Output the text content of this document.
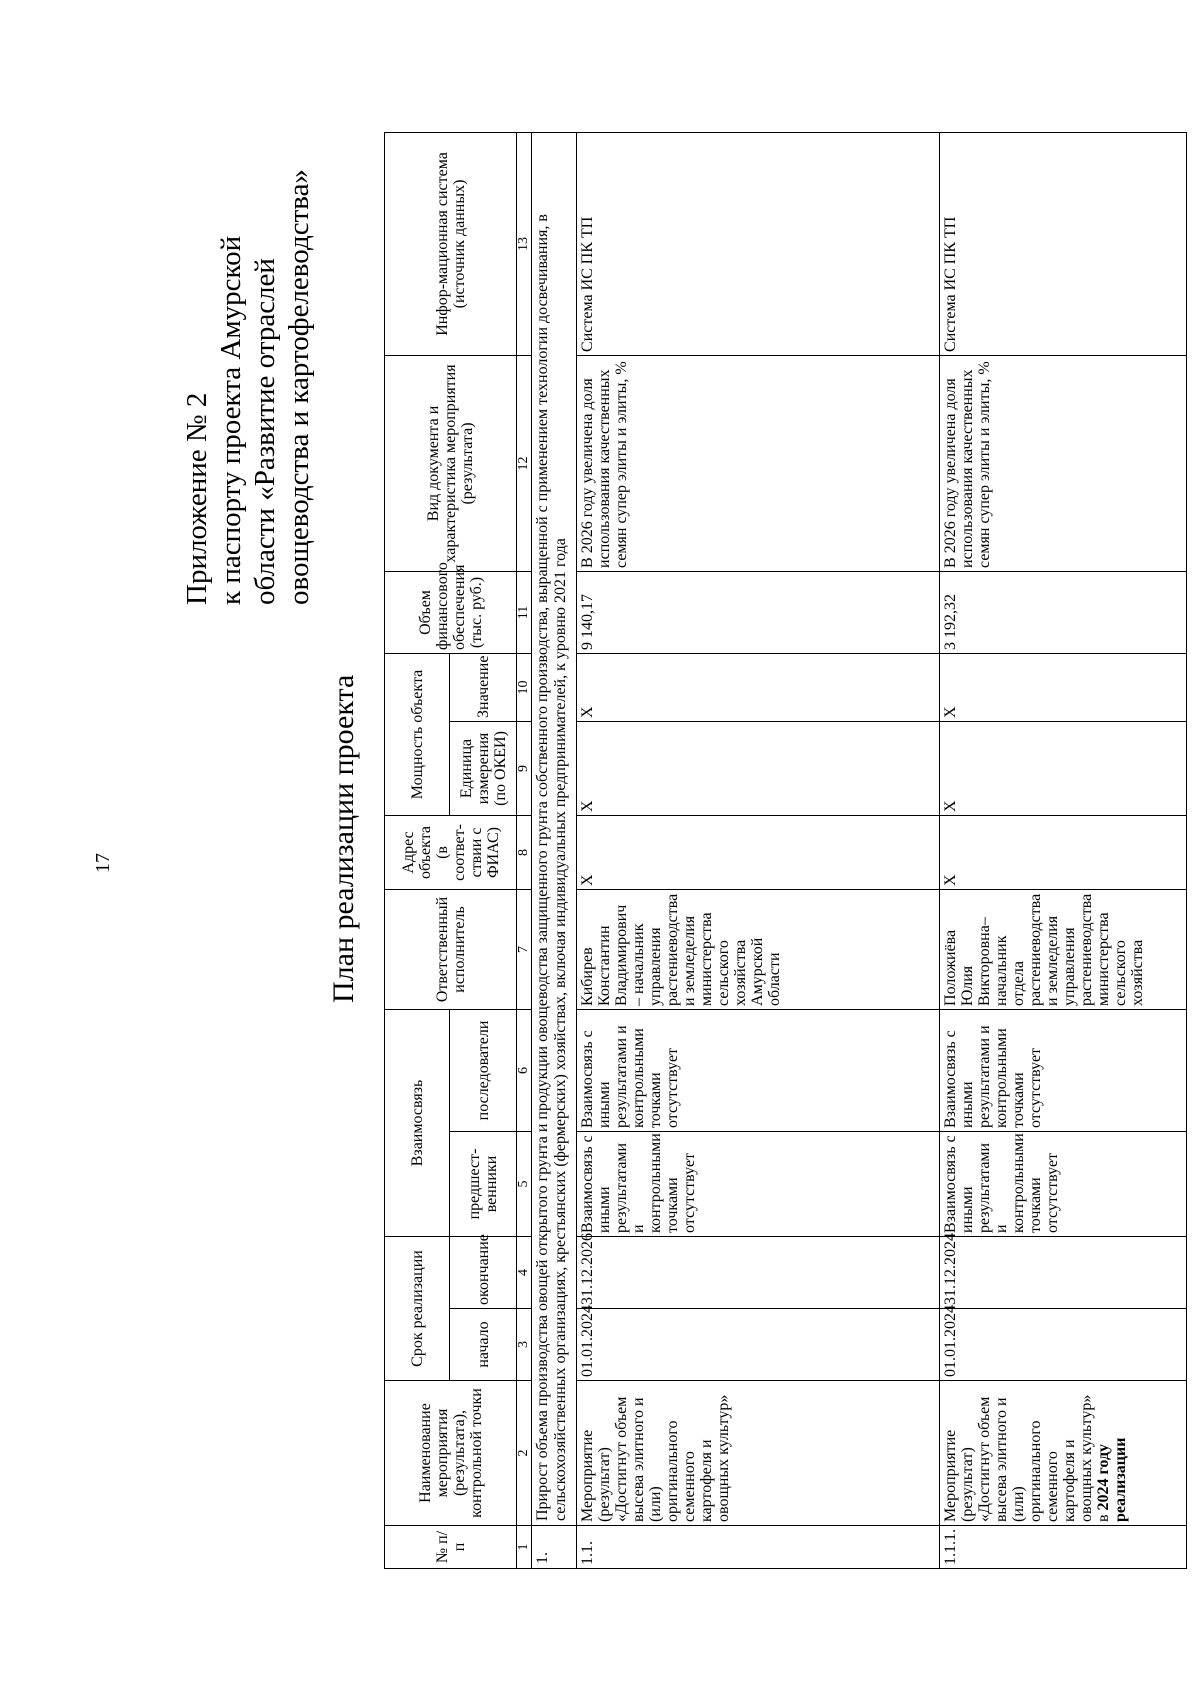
17
Приложение № 2 к паспорту проекта Амурской области «Развитие отраслей овощеводства и картофелеводства»
План реализации проекта
№ п/п	Наименование мероприятия (результата), контрольной точки	Срок реализации		Взаимосвязь		Ответственный исполнитель	Адрес объекта (в соответ-ствии с ФИАС)	Мощность объекта		Объем финансового обеспечения (тыс. руб.)	Вид документа и характеристика мероприятия (результата)	Инфор-мационная система (источник данных)
		начало	окончание	предшест-венники	последователи			Единица измерения (по ОКЕИ)	Значение			
1	2	3	4	5	6	7	8	9	10	11	12	13
1.	Прирост объема производства овощей открытого грунта и продукции овощеводства защищенного грунта собственного производства, выращенной с применением технологии досвечивания, в сельскохозяйственных организациях, крестьянских (фермерских) хозяйствах, включая индивидуальных предпринимателей, к уровню 2021 года											
1.1.	Мероприятие (результат) «Достигнут объем высева элитного и (или) оригинального семенного картофеля и овощных культур»	01.01.2024	31.12.2026	Взаимосвязь с иными результатами и контрольными точками отсутствует	Взаимосвязь с иными результатами и контрольными точками отсутствует	Кибирев Константин Владимирович – начальник управления растениеводства и земледелия министерства сельского хозяйства Амурской области	X	X	X	9 140,17	В 2026 году увеличена доля использования качественных семян супер элиты и элиты, %	Система ИС ПК ТП
1.1.1.	Мероприятие (результат) «Достигнут объем высева элитного и (или) оригинального семенного картофеля и овощных культур» в 2024 году реализации	01.01.2024	31.12.2024	Взаимосвязь с иными результатами и контрольными точками отсутствует	Взаимосвязь с иными результатами и контрольными точками отсутствует	Положиёва Юлия Викторовна– начальник отдела растениеводства и земледелия управления растениеводства министерства сельского хозяйства	X	X	X	3 192,32	В 2026 году увеличена доля использования качественных семян супер элиты и элиты, %	Система ИС ПК ТП
